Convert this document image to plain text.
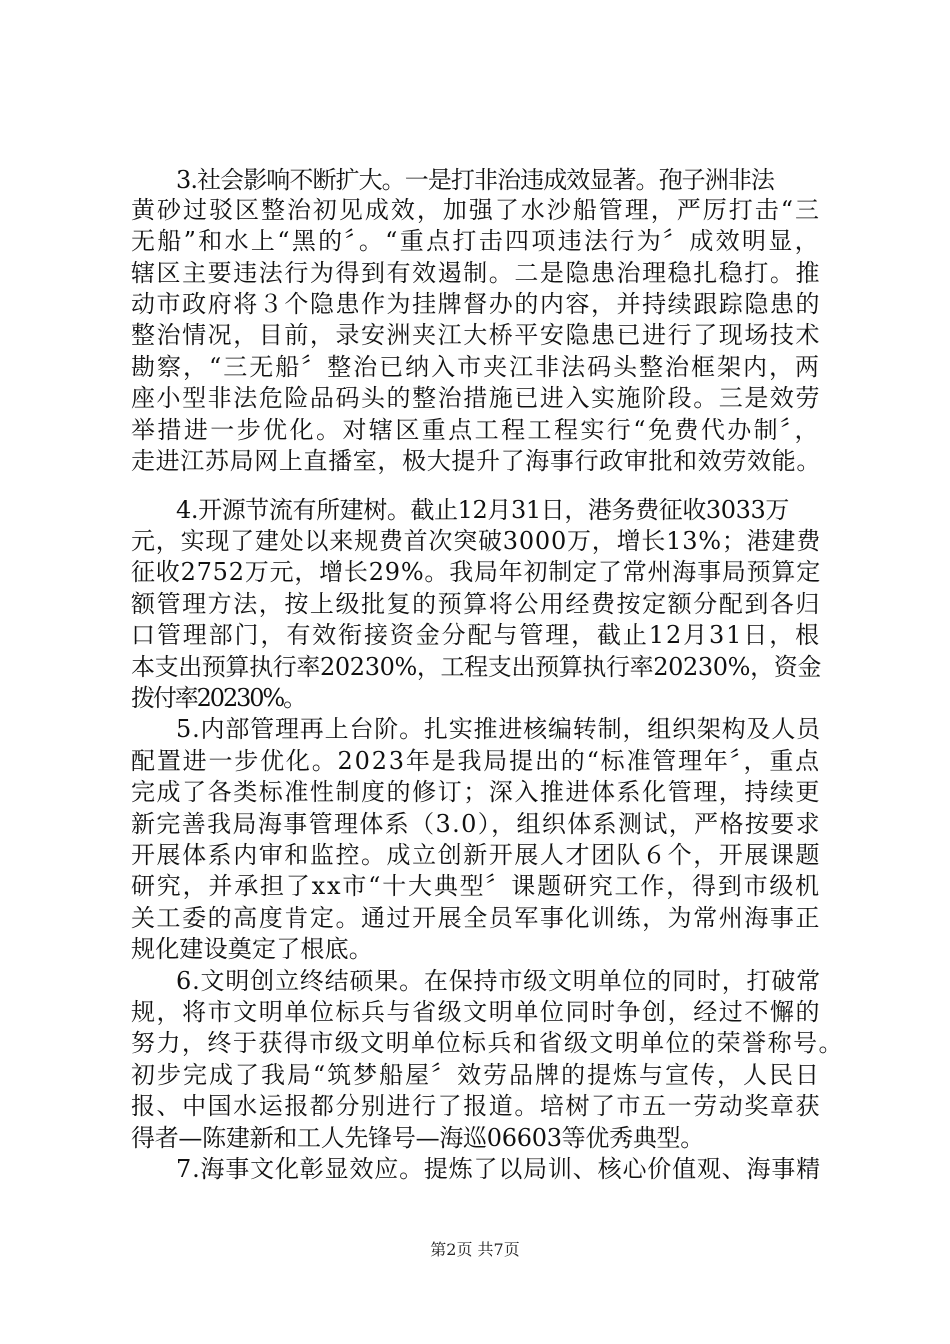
3.社会影响不断扩大。一是打非治违成效显著。孢子洲非法
黄砂过驳区整治初见成效，加强了水沙船管理，严厉打击“三
无船”和水上“黑的〞。“重点打击四项违法行为〞成效明显，
辖区主要违法行为得到有效遏制。二是隐患治理稳扎稳打。推
动市政府将３个隐患作为挂牌督办的内容，并持续跟踪隐患的
整治情况，目前，录安洲夹江大桥平安隐患已进行了现场技术
勘察，“三无船〞整治已纳入市夹江非法码头整治框架内，两
座小型非法危险品码头的整治措施已进入实施阶段。三是效劳
举措进一步优化。对辖区重点工程工程实行“免费代办制〞，
走进江苏局网上直播室，极大提升了海事行政审批和效劳效能。
4.开源节流有所建树。截止12月31日，港务费征收3033万
元，实现了建处以来规费首次突破3000万，增长13%；港建费
征收2752万元，增长29%。我局年初制定了常州海事局预算定
额管理方法，按上级批复的预算将公用经费按定额分配到各归
口管理部门，有效衔接资金分配与管理，截止12月31日，根
本支出预算执行率20230%，工程支出预算执行率20230%，资金
拨付率20230%。
5.内部管理再上台阶。扎实推进核编转制，组织架构及人员
配置进一步优化。2023年是我局提出的“标准管理年〞，重点
完成了各类标准性制度的修订；深入推进体系化管理，持续更
新完善我局海事管理体系（3.0），组织体系测试，严格按要求
开展体系内审和监控。成立创新开展人才团队６个，开展课题
研究，并承担了xx市“十大典型〞课题研究工作，得到市级机
关工委的高度肯定。通过开展全员军事化训练，为常州海事正
规化建设奠定了根底。
6.文明创立终结硕果。在保持市级文明单位的同时，打破常
规，将市文明单位标兵与省级文明单位同时争创，经过不懈的
努力，终于获得市级文明单位标兵和省级文明单位的荣誉称号。
初步完成了我局“筑梦船屋〞效劳品牌的提炼与宣传，人民日
报、中国水运报都分别进行了报道。培树了市五一劳动奖章获
得者—陈建新和工人先锋号—海巡06603等优秀典型。
7.海事文化彰显效应。提炼了以局训、核心价值观、海事精
第2页 共7页
